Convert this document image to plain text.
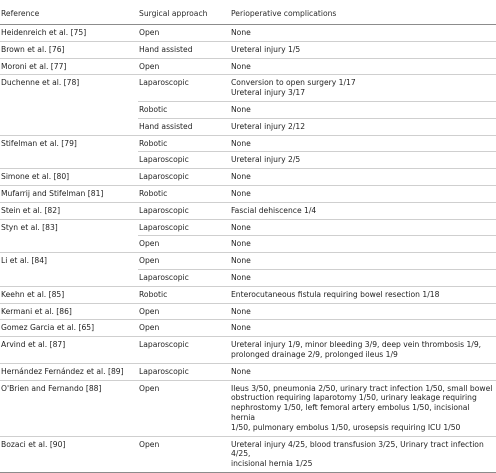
Reference	Surgical approach	Perioperative complications
Heidenreich et al. [75]	Open	None
Brown et al. [76]	Hand assisted	Ureteral injury 1/5
Moroni et al. [77]	Open	None
Duchenne et al. [78]	Laparoscopic	Conversion to open surgery 1/17
Ureteral injury 3/17
	Robotic	None
	Hand assisted	Ureteral injury 2/12
Stifelman et al. [79]	Robotic	None
	Laparoscopic	Ureteral injury 2/5
Simone et al. [80]	Laparoscopic	None
Mufarrij and Stifelman [81]	Robotic	None
Stein et al. [82]	Laparoscopic	Fascial dehiscence 1/4
Styn et al. [83]	Laparoscopic	None
	Open	None
Li et al. [84]	Open	None
	Laparoscopic	None
Keehn et al. [85]	Robotic	Enterocutaneous fistula requiring bowel resection 1/18
Kermani et al. [86]	Open	None
Gomez Garcia et al. [65]	Open	None
Arvind et al. [87]	Laparoscopic	Ureteral injury 1/9, minor bleeding 3/9, deep vein thrombosis 1/9,
prolonged drainage 2/9, prolonged ileus 1/9
Hernández Fernández et al. [89]	Laparoscopic	None
O'Brien and Fernando [88]	Open	Ileus 3/50, pneumonia 2/50, urinary tract infection 1/50, small bowel
obstruction requiring laparotomy 1/50, urinary leakage requiring
nephrostomy 1/50, left femoral artery embolus 1/50, incisional hernia
1/50, pulmonary embolus 1/50, urosepsis requiring ICU 1/50
Bozaci et al. [90]	Open	Ureteral injury 4/25, blood transfusion 3/25, Urinary tract infection 4/25,
incisional hernia 1/25
